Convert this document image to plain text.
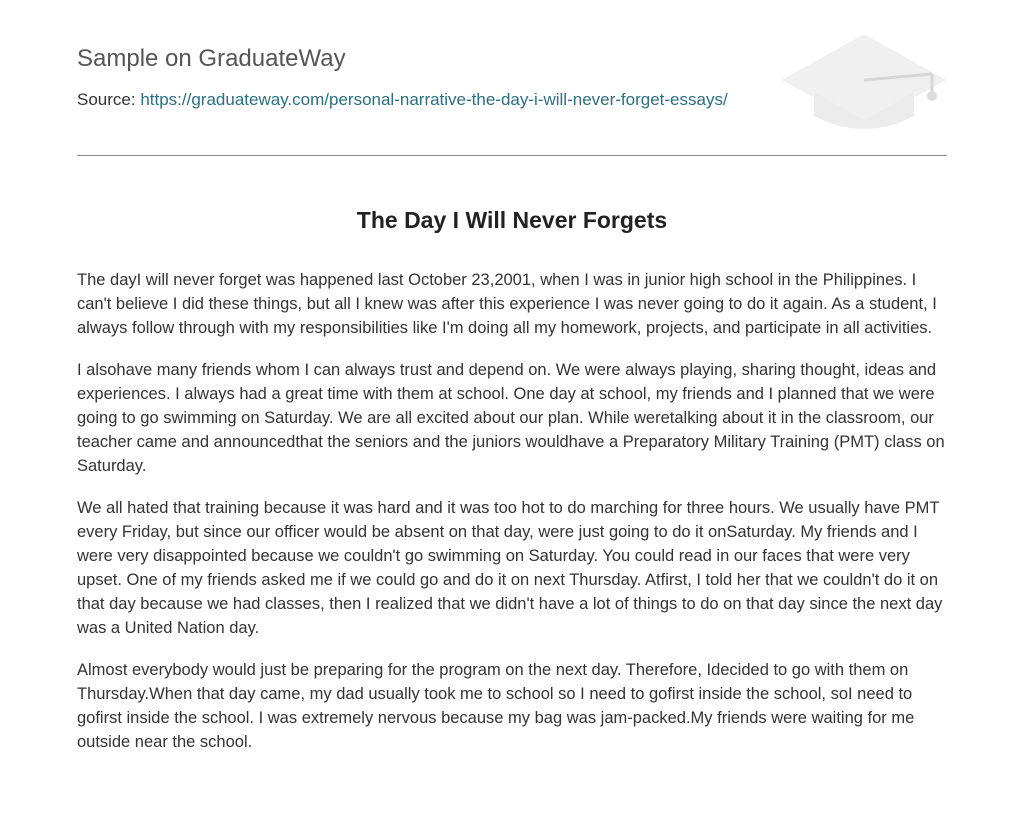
Sample on GraduateWay
Source: https://graduateway.com/personal-narrative-the-day-i-will-never-forget-essays/
The Day I Will Never Forgets

The dayI will never forget was happened last October 23,2001, when I was in junior high school in the Philippines. I can't believe I did these things, but all I knew was after this experience I was never going to do it again. As a student, I always follow through with my responsibilities like I'm doing all my homework, projects, and participate in all activities.

I alsohave many friends whom I can always trust and depend on. We were always playing, sharing thought, ideas and experiences. I always had a great time with them at school. One day at school, my friends and I planned that we were going to go swimming on Saturday. We are all excited about our plan. While weretalking about it in the classroom, our teacher came and announcedthat the seniors and the juniors wouldhave a Preparatory Military Training (PMT) class on Saturday.

We all hated that training because it was hard and it was too hot to do marching for three hours. We usually have PMT every Friday, but since our officer would be absent on that day, were just going to do it onSaturday. My friends and I were very disappointed because we couldn't go swimming on Saturday. You could read in our faces that were very upset. One of my friends asked me if we could go and do it on next Thursday. Atfirst, I told her that we couldn't do it on that day because we had classes, then I realized that we didn't have a lot of things to do on that day since the next day was a United Nation day.

Almost everybody would just be preparing for the program on the next day. Therefore, Idecided to go with them on Thursday.When that day came, my dad usually took me to school so I need to gofirst inside the school, soI need to gofirst inside the school. I was extremely nervous because my bag was jam-packed.My friends were waiting for me outside near the school.
